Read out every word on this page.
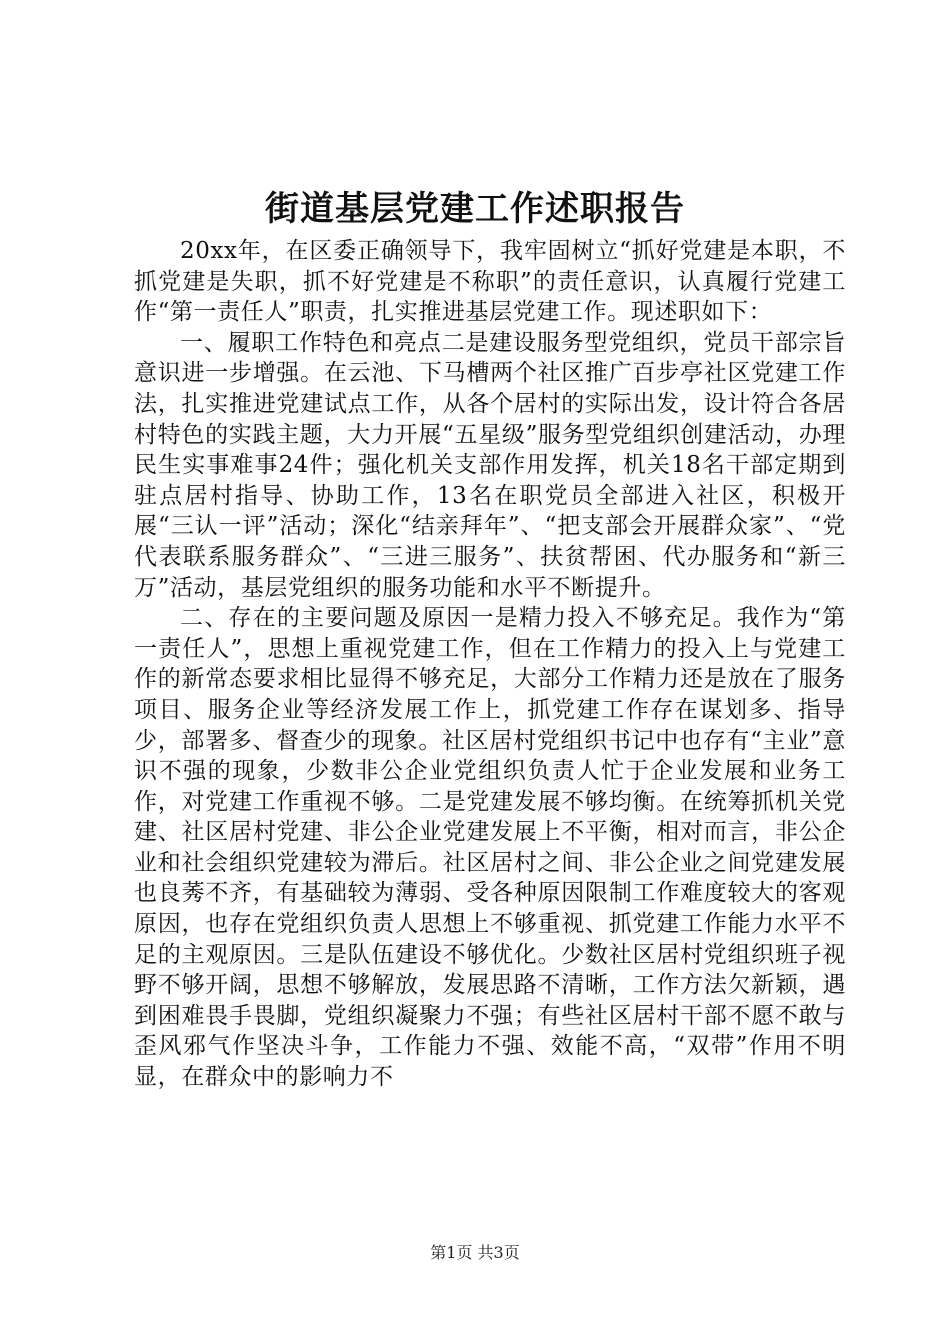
街道基层党建工作述职报告

20xx年，在区委正确领导下，我牢固树立“抓好党建是本职，不抓党建是失职，抓不好党建是不称职”的责任意识，认真履行党建工作“第一责任人”职责，扎实推进基层党建工作。现述职如下：

一、履职工作特色和亮点二是建设服务型党组织，党员干部宗旨意识进一步增强。在云池、下马槽两个社区推广百步亭社区党建工作法，扎实推进党建试点工作，从各个居村的实际出发，设计符合各居村特色的实践主题，大力开展“五星级”服务型党组织创建活动，办理民生实事难事24件；强化机关支部作用发挥，机关18名干部定期到驻点居村指导、协助工作，13名在职党员全部进入社区，积极开展“三认一评”活动；深化“结亲拜年”、“把支部会开展群众家”、“党代表联系服务群众”、“三进三服务”、扶贫帮困、代办服务和“新三万”活动，基层党组织的服务功能和水平不断提升。

二、存在的主要问题及原因一是精力投入不够充足。我作为“第一责任人”，思想上重视党建工作，但在工作精力的投入上与党建工作的新常态要求相比显得不够充足，大部分工作精力还是放在了服务项目、服务企业等经济发展工作上，抓党建工作存在谋划多、指导少，部署多、督查少的现象。社区居村党组织书记中也存有“主业”意识不强的现象，少数非公企业党组织负责人忙于企业发展和业务工作，对党建工作重视不够。二是党建发展不够均衡。在统筹抓机关党建、社区居村党建、非公企业党建发展上不平衡，相对而言，非公企业和社会组织党建较为滞后。社区居村之间、非公企业之间党建发展也良莠不齐，有基础较为薄弱、受各种原因限制工作难度较大的客观原因，也存在党组织负责人思想上不够重视、抓党建工作能力水平不足的主观原因。三是队伍建设不够优化。少数社区居村党组织班子视野不够开阔，思想不够解放，发展思路不清晰，工作方法欠新颖，遇到困难畏手畏脚，党组织凝聚力不强；有些社区居村干部不愿不敢与歪风邪气作坚决斗争，工作能力不强、效能不高，“双带”作用不明显，在群众中的影响力不

第1页 共3页
